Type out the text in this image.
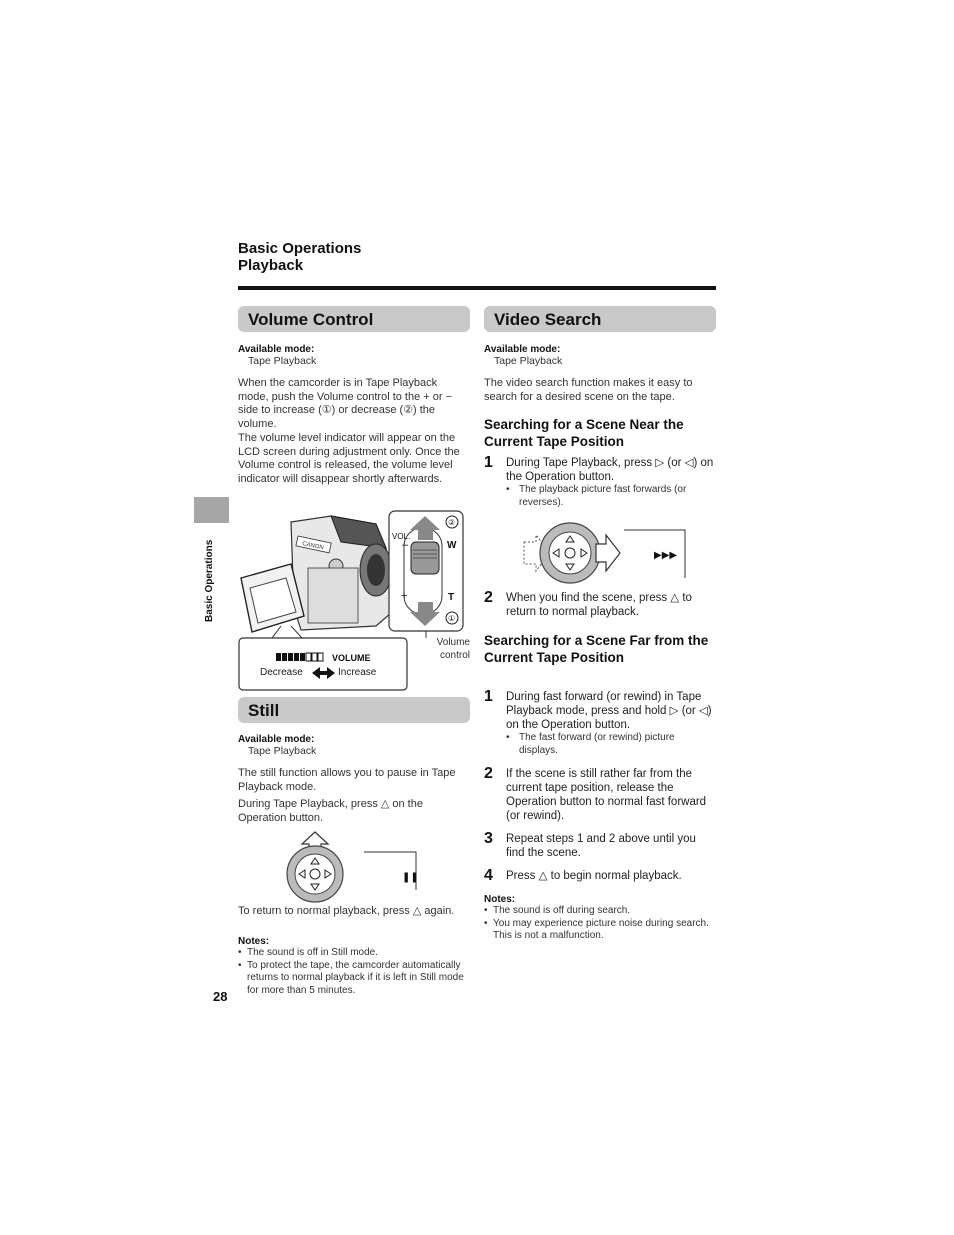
Basic Operations
Playback
Basic Operations
28
Volume Control
Available mode:
Tape Playback
When the camcorder is in Tape Playback mode, push the Volume control to the + or − side to increase (①) or decrease (②) the volume.
The volume level indicator will appear on the LCD screen during adjustment only. Once the Volume control is released, the volume level indicator will disappear shortly afterwards.
CANON
②
①
VOL.
W
T
–
+
VOLUME
Decrease	Increase
Volume
control
Still
Available mode:
Tape Playback
The still function allows you to pause in Tape Playback mode.
During Tape Playback, press △ on the Operation button.
❚❚
To return to normal playback, press △ again.
Notes:
• The sound is off in Still mode.
• To protect the tape, the camcorder automatically returns to normal playback if it is left in Still mode for more than 5 minutes.
Video Search
Available mode:
Tape Playback
The video search function makes it easy to search for a desired scene on the tape.
Searching for a Scene Near the Current Tape Position
1 During Tape Playback, press ▷ (or ◁) on the Operation button.
• The playback picture fast forwards (or reverses).
▶▶▶
2 When you find the scene, press △ to return to normal playback.
Searching for a Scene Far from the Current Tape Position
1 During fast forward (or rewind) in Tape Playback mode, press and hold ▷ (or ◁) on the Operation button.
• The fast forward (or rewind) picture displays.
2 If the scene is still rather far from the current tape position, release the Operation button to normal fast forward (or rewind).
3 Repeat steps 1 and 2 above until you find the scene.
4 Press △ to begin normal playback.
Notes:
• The sound is off during search.
• You may experience picture noise during search. This is not a malfunction.
